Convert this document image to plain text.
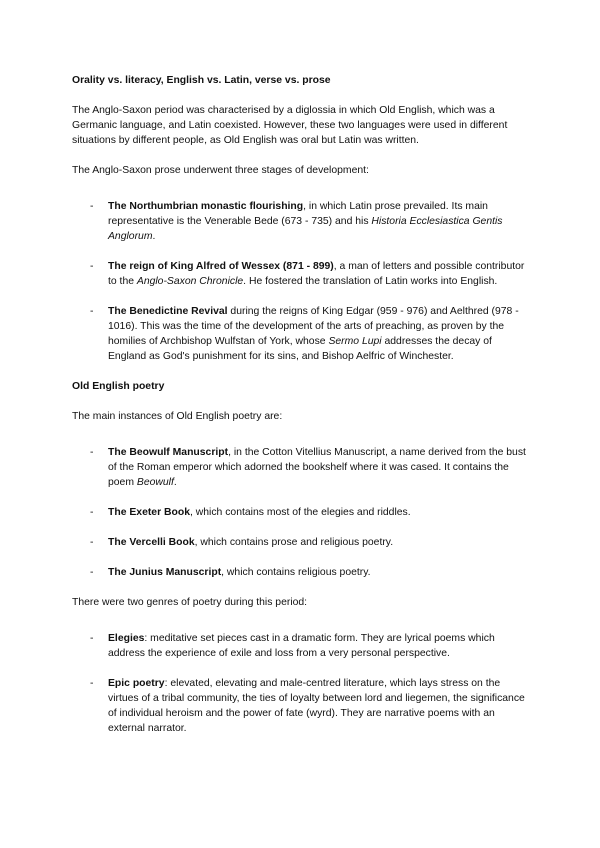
Orality vs. literacy, English vs. Latin, verse vs. prose

The Anglo-Saxon period was characterised by a diglossia in which Old English, which was a Germanic language, and Latin coexisted. However, these two languages were used in different situations by different people, as Old English was oral but Latin was written.

The Anglo-Saxon prose underwent three stages of development:

- The Northumbrian monastic flourishing, in which Latin prose prevailed. Its main representative is the Venerable Bede (673 - 735) and his Historia Ecclesiastica Gentis Anglorum.
- The reign of King Alfred of Wessex (871 - 899), a man of letters and possible contributor to the Anglo-Saxon Chronicle. He fostered the translation of Latin works into English.
- The Benedictine Revival during the reigns of King Edgar (959 - 976) and Aelthred (978 - 1016). This was the time of the development of the arts of preaching, as proven by the homilies of Archbishop Wulfstan of York, whose Sermo Lupi addresses the decay of England as God's punishment for its sins, and Bishop Aelfric of Winchester.
Old English poetry

The main instances of Old English poetry are:

- The Beowulf Manuscript, in the Cotton Vitellius Manuscript, a name derived from the bust of the Roman emperor which adorned the bookshelf where it was cased. It contains the poem Beowulf.
- The Exeter Book, which contains most of the elegies and riddles.
- The Vercelli Book, which contains prose and religious poetry.
- The Junius Manuscript, which contains religious poetry.

There were two genres of poetry during this period:

- Elegies: meditative set pieces cast in a dramatic form. They are lyrical poems which address the experience of exile and loss from a very personal perspective.
- Epic poetry: elevated, elevating and male-centred literature, which lays stress on the virtues of a tribal community, the ties of loyalty between lord and liegemen, the significance of individual heroism and the power of fate (wyrd). They are narrative poems with an external narrator.
